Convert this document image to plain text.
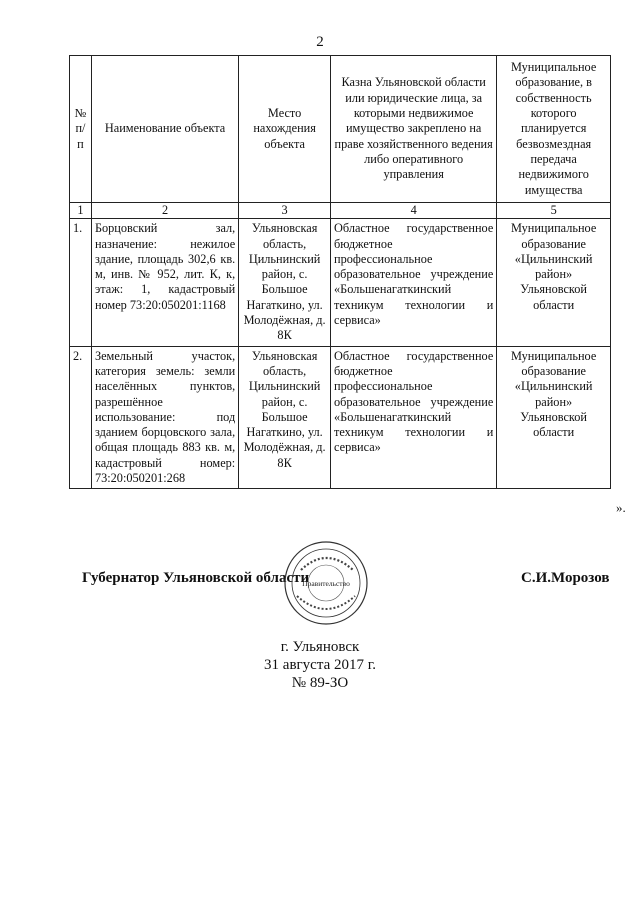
2
№ п/п	Наименование объекта	Место нахождения объекта	Казна Ульяновской области или юридические лица, за которыми недвижимое имущество закреплено на праве хозяйственного ведения либо оперативного управления	Муниципальное образование, в собственность которого планируется безвозмездная передача недвижимого имущества
1	2	3	4	5
1.	Борцовский зал, назначение: нежилое здание, площадь 302,6 кв. м, инв. № 952, лит. К, к, этаж: 1, кадастровый номер 73:20:050201:1168	Ульяновская область, Цильнинский район, с. Большое Нагаткино, ул. Молодёжная, д. 8К	Областное государственное бюджетное профессиональное образовательное учреждение «Большенагаткинский техникум технологии и сервиса»	Муниципальное образование «Цильнинский район» Ульяновской области
2.	Земельный участок, категория земель: земли населённых пунктов, разрешённое использование: под зданием борцовского зала, общая площадь 883 кв. м, кадастровый номер: 73:20:050201:268	Ульяновская область, Цильнинский район, с. Большое Нагаткино, ул. Молодёжная, д. 8К	Областное государственное бюджетное профессиональное образовательное учреждение «Большенагаткинский техникум технологии и сервиса»	Муниципальное образование «Цильнинский район» Ульяновской области
».
Губернатор Ульяновской области
Правительство	С.И.Морозов
г. Ульяновск
31 августа 2017 г.
№ 89-ЗО
